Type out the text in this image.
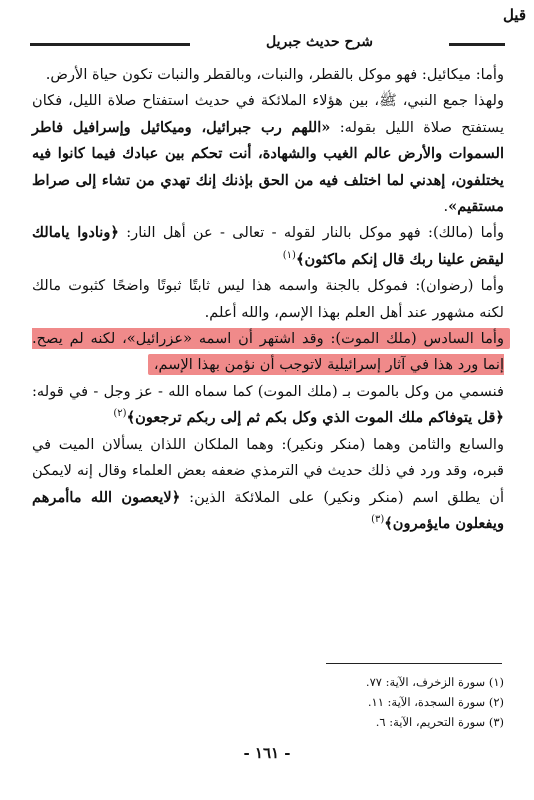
قيل
شرح حديث جبريل

وأما: ميكائيل: فهو موكل بالقطر، والنبات، وبالقطر والنبات تكون حياة الأرض.

ولهذا جمع النبي، ﷺ، بين هؤلاء الملائكة في حديث استفتاح صلاة الليل، فكان يستفتح صلاة الليل بقوله: «اللهم رب جبرائيل، وميكائيل وإسرافيل فاطر السموات والأرض عالم الغيب والشهادة، أنت تحكم بين عبادك فيما كانوا فيه يختلفون، إهدني لما اختلف فيه من الحق بإذنك إنك تهدي من تشاء إلى صراط مستقيم».

وأما (مالك): فهو موكل بالنار لقوله - تعالى - عن أهل النار: ﴿ونادوا يامالك ليقض علينا ربك قال إنكم ماكثون﴾$^{(١)}$

وأما (رضوان): فموكل بالجنة واسمه هذا ليس ثابتًا ثبوتًا واضحًا كثبوت مالك لكنه مشهور عند أهل العلم بهذا الإسم، والله أعلم.

وأما السادس (ملك الموت): وقد اشتهر أن اسمه «عزرائيل»، لكنه لم يصح. إنما ورد هذا في آثار إسرائيلية لاتوجب أن نؤمن بهذا الإسم،

فنسمي من وكل بالموت بـ (ملك الموت) كما سماه الله - عز وجل - في قوله: ﴿قل يتوفاكم ملك الموت الذي وكل بكم ثم إلى ربكم ترجعون﴾$^{(٢)}$

والسابع والثامن وهما (منكر ونكير): وهما الملكان اللذان يسألان الميت في قبره، وقد ورد في ذلك حديث في الترمذي ضعفه بعض العلماء وقال إنه لايمكن أن يطلق اسم (منكر ونكير) على الملائكة الذين: ﴿لايعصون الله ماأمرهم ويفعلون مايؤمرون﴾$^{(٣)}$

(١) سورة الزخرف، الآية: ٧٧.
(٢) سورة السجدة، الآية: ١١.
(٣) سورة التحريم، الآية: ٦.
- ١٦١ -
